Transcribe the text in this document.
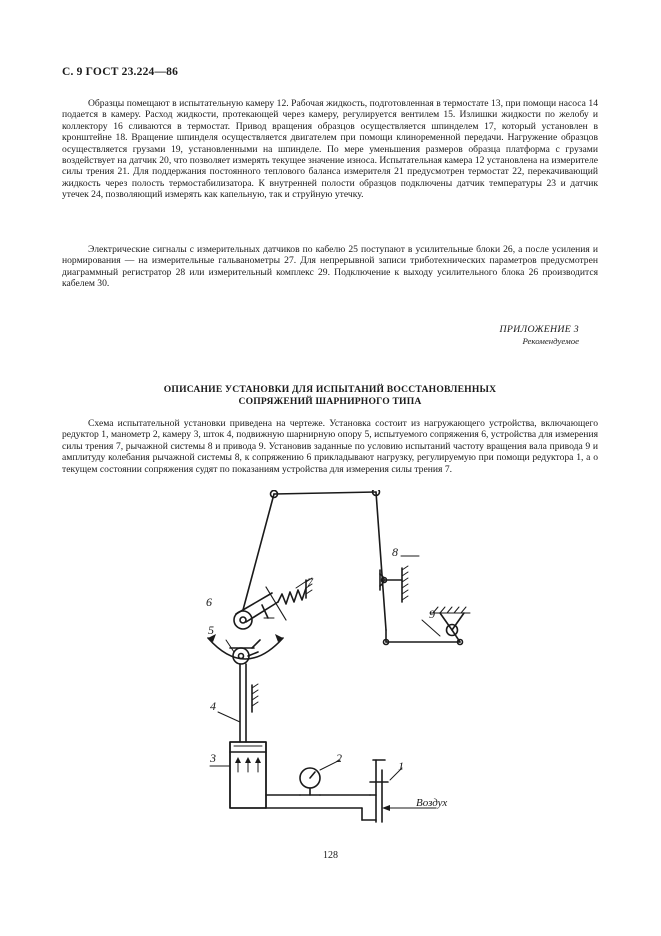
С. 9 ГОСТ 23.224—86

Образцы помещают в испытательную камеру 12. Рабочая жидкость, подготовленная в термостате 13, при помощи насоса 14 подается в камеру. Расход жидкости, протекающей через камеру, регулируется вентилем 15. Излишки жидкости по желобу и коллектору 16 сливаются в термостат. Привод вращения образцов осуществляется шпинделем 17, который установлен в кронштейне 18. Вращение шпинделя осуществляется двигателем при помощи клиноременной передачи. Нагружение образцов осуществляется грузами 19, установленными на шпинделе. По мере уменьшения размеров образца платформа с грузами воздействует на датчик 20, что позволяет измерять текущее значение износа. Испытательная камера 12 установлена на измерителе силы трения 21. Для поддержания постоянного теплового баланса измерителя 21 предусмотрен термостат 22, перекачивающий жидкость через полость термостабилизатора. К внутренней полости образцов подключены датчик температуры 23 и датчик утечек 24, позволяющий измерять как капельную, так и струйную утечку.

Электрические сигналы с измерительных датчиков по кабелю 25 поступают в усилительные блоки 26, а после усиления и нормирования — на измерительные гальванометры 27. Для непрерывной записи триботехнических параметров предусмотрен диаграммный регистратор 28 или измерительный комплекс 29. Подключение к выходу усилительного блока 26 производится кабелем 30.

ПРИЛОЖЕНИЕ 3
Рекомендуемое
ОПИСАНИЕ УСТАНОВКИ ДЛЯ ИСПЫТАНИЙ ВОССТАНОВЛЕННЫХ
СОПРЯЖЕНИЙ ШАРНИРНОГО ТИПА

Схема испытательной установки приведена на чертеже. Установка состоит из нагружающего устройства, включающего редуктор 1, манометр 2, камеру 3, шток 4, подвижную шарнирную опору 5, испытуемого сопряжения 6, устройства для измерения силы трения 7, рычажной системы 8 и привода 9. Установив заданные по условию испытаний частоту вращения вала привода 9 и амплитуду колебания рычажной системы 8, к сопряжению 6 прикладывают нагрузку, регулируемую при помощи редуктора 1, а о текущем состоянии сопряжения судят по показаниям устройства для измерения силы трения 7.

8
7
9
6
5
4
3	2
1
Воздух
128
